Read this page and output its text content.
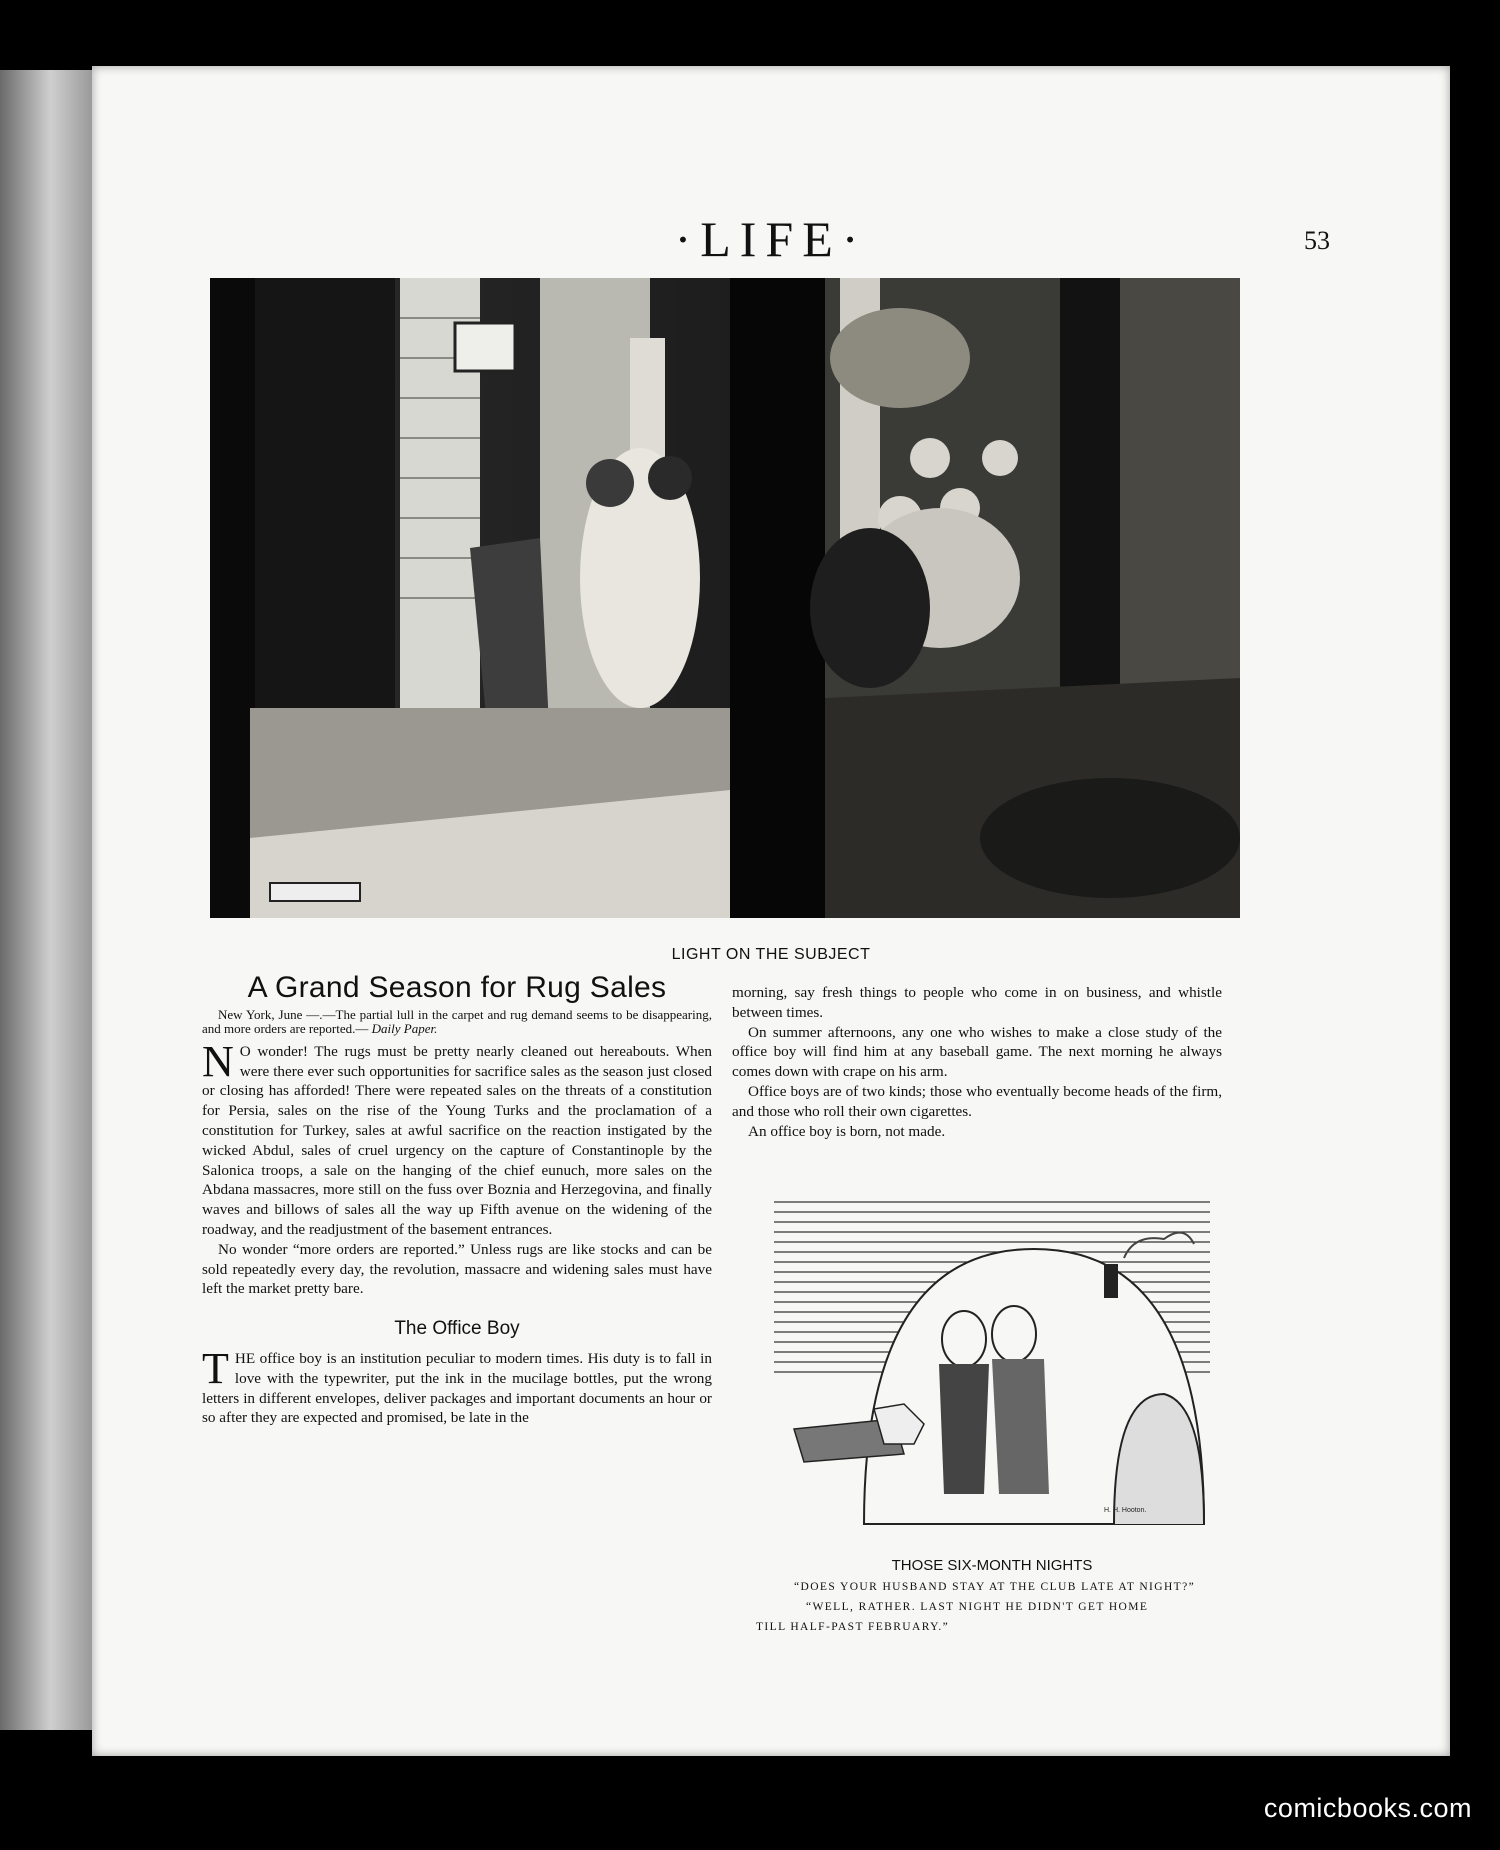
·LIFE·	53
LIGHT ON THE SUBJECT
A Grand Season for Rug Sales
New York, June —.—The partial lull in the carpet and rug demand seems to be disappearing, and more orders are reported.— Daily Paper.

N O wonder! The rugs must be pretty nearly cleaned out hereabouts. When were there ever such opportunities for sacrifice sales as the season just closed or closing has afforded! There were repeated sales on the threats of a constitution for Persia, sales on the rise of the Young Turks and the proclamation of a constitution for Turkey, sales at awful sacrifice on the reaction instigated by the wicked Abdul, sales of cruel urgency on the capture of Constantinople by the Salonica troops, a sale on the hanging of the chief eunuch, more sales on the Abdana massacres, more still on the fuss over Boznia and Herzegovina, and finally waves and billows of sales all the way up Fifth avenue on the widening of the roadway, and the readjustment of the basement entrances.

No wonder “more orders are reported.” Unless rugs are like stocks and can be sold repeatedly every day, the revolution, massacre and widening sales must have left the market pretty bare.

The Office Boy

THE office boy is an institution peculiar to modern times. His duty is to fall in love with the typewriter, put the ink in the mucilage bottles, put the wrong letters in different envelopes, deliver packages and important documents an hour or so after they are expected and promised, be late in the

morning, say fresh things to people who come in on business, and whistle between times.

On summer afternoons, any one who wishes to make a close study of the office boy will find him at any baseball game. The next morning he always comes down with crape on his arm.

Office boys are of two kinds; those who eventually become heads of the firm, and those who roll their own cigarettes.

An office boy is born, not made.

H. H. Hooton.
THOSE SIX-MONTH NIGHTS
“DOES YOUR HUSBAND STAY AT THE CLUB LATE AT NIGHT?”
“WELL, RATHER. LAST NIGHT HE DIDN'T GET HOME
TILL HALF-PAST FEBRUARY.”
comicbooks.com
